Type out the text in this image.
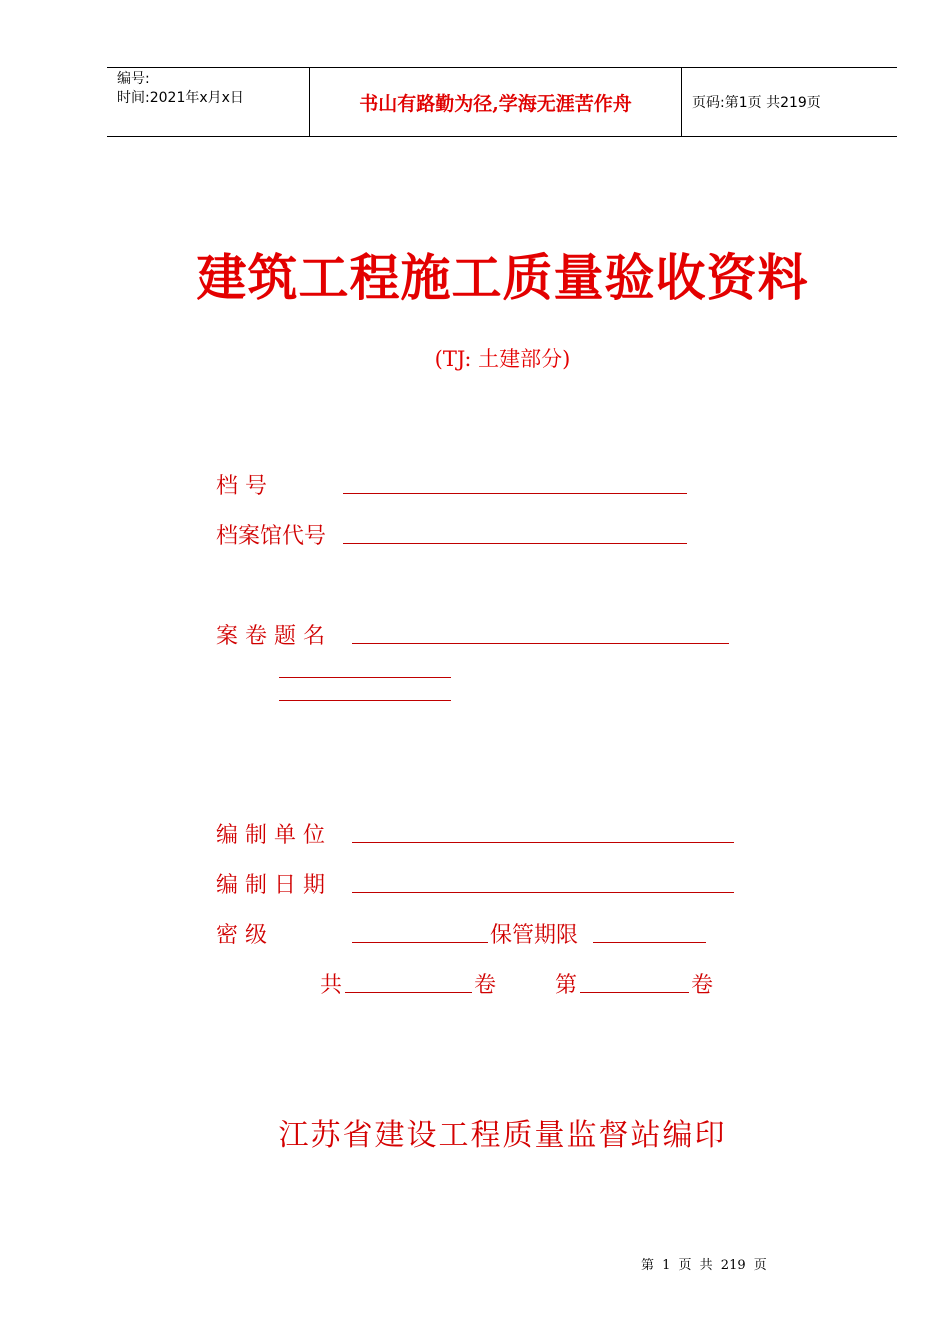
编号:
时间:2021年x月x日	书山有路勤为径,学海无涯苦作舟	页码:第1页 共219页
建筑工程施工质量验收资料
(TJ: 土建部分)
档 号
档案馆代号
案 卷 题 名
编 制 单 位
编 制 日 期
密 级	保管期限
共	卷	第	卷
江苏省建设工程质量监督站编印
第 1 页 共 219 页
